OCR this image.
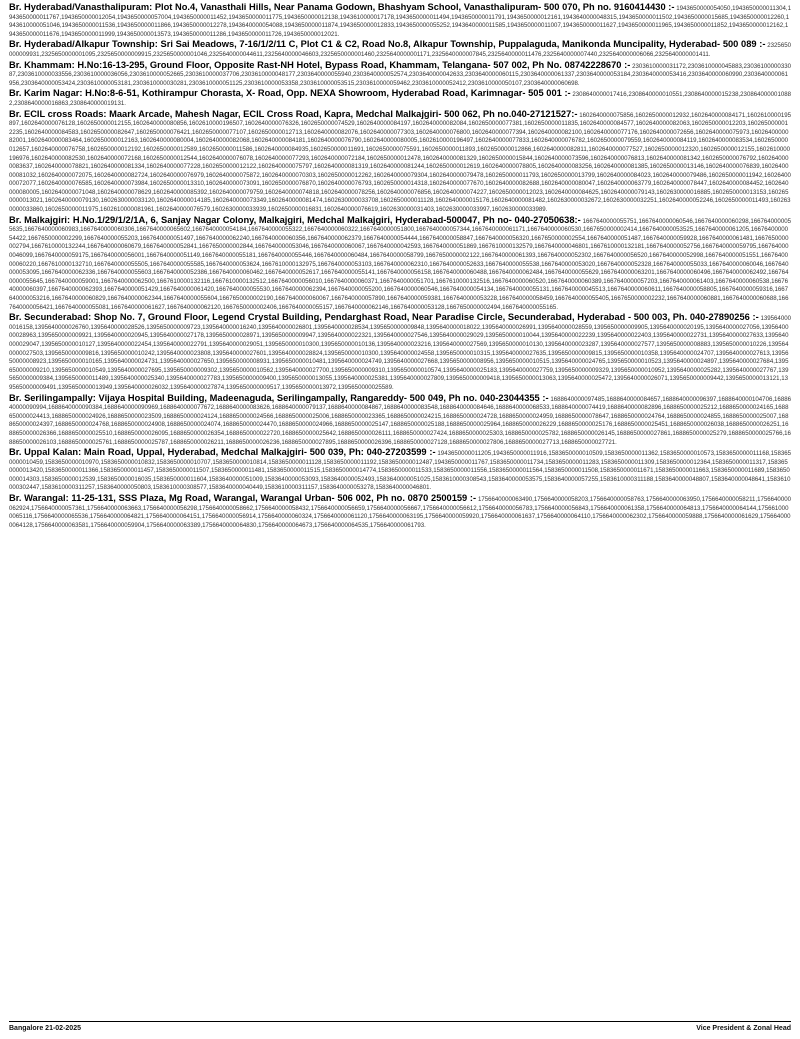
Br. Hyderabad/Vanasthalipuram: Plot No.4, Vanasthali Hills, Near Panama Godown, Bhashyam School, Vanasthalipuram- 500 070, Ph no. 9160414430 :- 1943650000054050,1943650000011304,1943650000011767,1943650000012054,1943650000057004,1943650000011452,1943650000011775,1943650000012138,1943610000017178,1943650000011494,1943650000011791,1943650000012161,1943640000048315,1943650000011502,1943650000015685,1943650000012260,1943610000051046,1943650000011536,1943650000011866,1943650000012278,1943640000054088,1943650000011874,1943650000012833,1943650000055252,1943640000011585,1943650000011007,1943650000011627,1943650000011965,1943650000011852,1943650000012162,1943650000011676,1943650000011999,1943650000013573,1943650000011286,1943650000011726,1943650000012021.
Br. Hyderabad/Alkapur Township: Sri Sai Meadows, 7-16/1/2/11 C, Plot C1 & C2, Road No.8, Alkapur Township, Puppalaguda, Manikonda Muncipality, Hyderabad- 500 089 :- 2325650000009931,2325650000001095,2325650000009915,2325650000001046,2325640000044611,2325640000046603,2325650000001460,2325640000001171,2325640000007845,2325640000011476,2325640000007440,2325640000006066,2325640000001411.
Br. Khammam: H.No:16-13-295, Ground Floor, Opposite Rast-NH Hotel, Bypass Road, Khammam, Telangana- 507 002, Ph No. 08742228670 :- 2303610000031172,2303610000045883,2303610000033087,2303610000033556,2303610000036056,2303610000052665,2303610000037706,2303610000048177,2303640000055940,2303640000052574,2303640000042633,2303640000060115,2303640000061337,2303640000053184,2303640000053416,2303640000060990,2303640000061956,2303640000053424,2303610000053181,2303610000030281,2303610000051125,2303610000053358,2303610000053515,2303610000059462,2303610000052412,2303610000050107,2303640000060698.
Br. Karim Nagar: H.No:8-6-51, Kothirampur Chorasta, X- Road, Opp. NEXA Showroom, Hyderabad Road, Karimnagar- 505 001 :- 2308640000017416,2308640000010551,2308640000015238,2308640000010882,2308640000016863,2308640000019131.
Br. ECIL cross Roads: Maark Arcade, Mahesh Nagar, ECIL Cross Road, Kapra, Medchal Malkajgiri- 500 062, Ph no.040-27121527:- 1602640000075856,1602650000012932,1602640000084171,1602610000195897,1602640000076128,1602650000012155,1602640000080856,1602610000196507,1602640000076326,1602650000074529,1602640000084197,1602640000082084,1602650000077381,1602650000011835,1602640000084577,1602640000082063,1602650000012203,1602650000012235,1602640000084583,1602650000082647,1602650000076421,1602650000077107,1602650000012713,1602640000082076,1602640000077303,1602640000076800,1602640000077394,1602640000082100,1602640000077176,1602640000072656,1602640000075973,1602640000082001,1602640000083464,1602650000012163,1602640000080004,1602640000082068,1602640000084181,1602640000076790,1602640000080005,1602610000196497,1602640000077833,1602640000076782,1602650000079559,1602640000084119,1602640000083534,1602650000012657,1602640000076758,1602650000012192,1602650000012589,1602650000011586,1602640000084935,1602650000011691,1602650000075591,1602650000011893,1602650000012866,1602640000082811,1602640000077527,1602650000012320,1602650000012155,1602610000196976,1602640000082530,1602640000072168,1602650000012544,1602640000076078,1602640000077293,1602640000072184,1602650000012478,1602640000081329,1602650000015844,1602640000073596,1602640000076813,1602640000081342,1602650000076792,1602640000083637,1602640000078821,1602640000081334,1602640000077228,1602650000012122,1602640000075797,1602640000081319,1602640000081244,1602650000012619,1602640000078805,1602640000083256,1602640000081385,1602650000013146,1602640000076839,1602640000081032,1602640000072075,1602640000082724,1602640000076979,1602640000075872,1602640000070303,1602650000012262,1602640000079304,1602640000079478,1602650000011793,1602650000013799,1602640000084023,1602640000079486,1602650000011942,1602640000072077,1602640000076585,1602640000073984,1602650000013310,1602640000073091,1602650000076870,1602640000076793,1602650000014318,1602640000077670,1602640000082688,1602640000080047,1602640000063779,1602640000078447,1602640000084452,1602640000080005,1602640000071048,1602640000078629,1602640000085392,1602640000079759,1602640000074818,1602640000078256,1602640000076856,1602640000074227,1602650000012023,1602640000084625,1602640000079143,1602630000016885,1602650000013153,1602650000013021,1602640000079130,1602630000033120,1602640000014185,1602640000073349,1602640000081474,1602630000033708,1602650000011128,1602640000015176,1602640000081482,1602630000032672,1602630000032251,1602640000052246,1602650000011493,1602630000033860,1602650000011975,1602610000081961,1602640000076579,1602630000033939,1602650000016831,1602640000076619,1602630000031403,1602630000033997,1602630000033989.
Br. Malkajgiri: H.No.1/29/1/2/1A, 6, Sanjay Nagar Colony, Malkajgiri, Medchal Malkajgiri, Hyderabad-500047, Ph no- 040-27050638:- 1667640000055751,1667640000060546,1667640000060298,1667640000055635,1667640000060983,1667640000060306,1667640000065602,1667640000054184,1667640000055322,1667640000060322,1667640000051800,1667640000057344,1667640000061171,1667640000060530,1667650000002414,1667640000053525,1667640000061205,1667640000054422,1667650000002299,1667640000055203,1667640000051497,1667640000062240,1667640000060356,1667640000062379,1667640000054444,1667640000058847,1667640000056320,1667650000002554,1667640000051487,1667640000059928,1667640000061481,1667650000002794,1667610000132244,1667640000060679,1667640000052841,1667650000002844,1667640000053046,1667640000060067,1667640000042593,1667640000051869,1667610000132579,1667640000046801,1667610000132181,1667640000052756,1667640000059795,1667640000046099,1667640000059175,1667640000056001,1667640000051149,1667640000055181,1667640000055446,1667640000060484,1667640000058799,1667650000002122,1667640000061393,1667640000052302,1667640000056520,1667640000052998,1667640000051551,1667640000060220,1667610000132710,1667640000055505,1667640000055585,1667640000053624,1667610000132975,1667640000053103,1667640000062310,1667640000052633,1667640000055538,1667640000053020,1667640000052328,1667640000055033,1667640000060046,1667640000053095,1667640000062336,1667640000055603,1667640000052386,1667640000060462,1667640000052617,1667640000055141,1667640000056158,1667640000060488,1667640000062484,1667640000055629,1667640000063201,1667640000060496,1667640000062492,1667640000055645,1667640000059001,1667640000062500,1667610000132116,1667610000132512,1667640000056010,1667640000060371,1667640000051701,1667610000132516,1667640000060520,1667640000060389,1667640000057203,1667640000061403,1667640000060538,1667640000060397,1667640000062393,1667640000051429,1667640000061420,1667640000055530,1667640000062394,1667640000055200,1667640000060546,1667640000054134,1667640000055131,1667640000045513,1667640000060611,1667640000058805,1667640000059316,1667640000053216,1667640000060829,1667640000062344,1667640000055604,1667650000002190,1667640000060067,1667640000057890,1667640000059381,1667640000053228,1667640000058459,1667640000055405,1667650000002232,1667640000060881,1667640000060688,1667640000056421,1667640000055081,1667640000061627,1667640000062120,1667650000002406,1667640000055157,1667640000062146,1667640000053128,1667650000002494,1667640000055165.
Br. Secunderabad: Shop No. 7, Ground Floor, Legend Crystal Building, Pendarghast Road, Near Paradise Circle, Secunderabad, Hyderabad - 500 003, Ph. 040-27890256 :- 1395640000016158,1395640000026760,1395640000028526,1395650000009723,1395640000016240,1395640000026801,1395640000028534,1395650000009848,1395640000018022,1395640000026991,1395640000028559,1395650000009905,1395640000020195,1395640000027056,1395640000028963,1395650000009921,1395640000020945,1395640000027178,1395650000028971,1395650000009947,1395640000022321,1395640000027546,1395640000029029,1395650000010044,1395640000022239,1395640000022403,1395640000022731,1395640000027633,1395640000029047,1395650000010127,1395640000022454,1395640000022791,1395640000029051,1395650000010300,1395650000010136,1395640000023216,1395640000027569,1395650000010130,1395640000023287,1395640000027577,1395650000008883,1395650000010226,1395640000027503,1395650000009816,1395650000010242,1395640000023808,1395640000027601,1395640000028824,1395650000010300,1395640000024558,1395650000010315,1395640000027635,1395650000009815,1395650000010358,1395640000024707,1395640000027613,1395650000008923,1395650000010165,1395640000024731,1395640000027650,1395650000008931,1395650000010481,1395640000024749,1395640000027668,1395650000008956,1395650000010515,1395640000024765,1395650000010523,1395640000024897,1395640000027684,1395650000009210,1395650000010549,1395640000027695,1395650000009302,1395650000010562,1395640000027700,1395650000009310,1395650000010574,1395640000025183,1395640000027759,1395650000009329,1395650000010952,1395640000025282,1395640000027767,1395650000009384,1395650000011489,1395640000025340,1395640000027783,1395650000009400,1395650000013055,1395640000025381,1395640000027809,1395650000009418,1395650000013063,1395640000025472,1395640000026071,1395650000009442,1395650000013121,1395650000009491,1395650000013949,1395640000026032,1395640000027874,1395650000009517,1395650000013972,1395650000025589.
Br. Serilingampally: Vijaya Hospital Building, Madeenaguda, Serilingampally, Rangareddy- 500 049, Ph no. 040-23044355 :- 1688640000097485,1688640000084657,1688640000096397,1688640000104706,1688640000090994,1688640000090384,1688640000090969,1688640000077672,1688640000083626,1688640000079137,1688640000084867,1688640000083548,1688640000084646,1688640000068533,1688640000074419,1688640000082896,1688650000025212,1688650000024165,1688650000024413,1688650000024926,1688650000023509,1688650000024124,1688650000024566,1688650000025006,1688650000023365,1688650000024215,1688650000024728,1688650000024959,1688650000078647,1688650000024764,1688650000024855,1688650000025007,1688650000024397,1688650000024768,1688650000024908,1688650000024074,1688650000024470,1688650000024966,1688650000025147,1688650000025188,1688650000025964,1688650000026229,1688650000025176,1688650000025451,1688650000026038,1688650000026251,1688650000026366,1688650000025510,1688650000026095,1688650000026354,1688650000022720,1688650000025642,1688650000026111,1688650000027424,1688650000025303,1688650000025782,1688650000026145,1688650000027861,1688650000025279,1688650000025766,1688650000026103,1688650000025761,1688650000025787,1688650000026211,1688650000026236,1688650000027895,1688650000026396,1688650000027128,1688650000027806,1688650000027713,1688650000027721.
Br. Uppal Kalan: Main Road, Uppal, Hyderabad, Medchal Malkajgiri- 500 039, Ph: 040-27203599 :- 1943650000011205,1943650000011916,1583650000010509,1583650000011362,1583650000010573,1583650000011168,1583650000010459,1583650000010970,1583650000010832,1583650000010707,1583650000010814,1583650000011128,1583650000011192,1583650000012487,1943650000011767,1583650000011734,1583650000011283,1583650000011309,1583650000012364,1583650000011317,1583650000013420,1583650000011366,1583650000011457,1583650000011507,1583650000011481,1583650000011515,1583650000014774,1583650000011533,1583650000011556,1583650000011564,1583650000011508,1583650000011671,1583650000011663,1583650000011689,1583650000014303,1583650000012539,1583650000016035,1583650000011604,1583640000051009,1583640000053093,1583640000052493,1583640000051025,1583610000308543,1583640000053575,1583640000057255,1583610000311188,1583640000048807,1583640000048641,1583610000302447,1583610000311257,1583640000050803,1583610000308577,1583640000040449,1583610000311157,1583640000053278,1583640000046801.
Br. Warangal: 11-25-131, SSS Plaza, Mg Road, Warangal, Warangal Urban- 506 002, Ph no. 0870 2500159 :- 1756640000063490,1756640000058203,1756640000058763,1756640000063950,1756640000058211,1756640000062924,1756640000057361,1756640000063663,1756640000056298,1756640000058662,1756640000058432,1756640000056659,1756640000056667,1756640000056612,1756640000056783,1756640000056843,1756640000061358,1756640000064813,1756640000064144,1756610000065116,1756640000065536,1756640000064821,1756640000064151,1756640000056914,1756640000060324,1756640000061120,1756640000063195,1756640000059920,1756640000061637,1756640000064110,1756640000062302,1756640000059888,1756640000061629,1756640000064128,1756640000063581,1756640000059904,1756640000063389,1756640000064830,1756640000064673,1756640000064535,1756640000061793.
Bangalore 21-02-2025	Vice President & Zonal Head
